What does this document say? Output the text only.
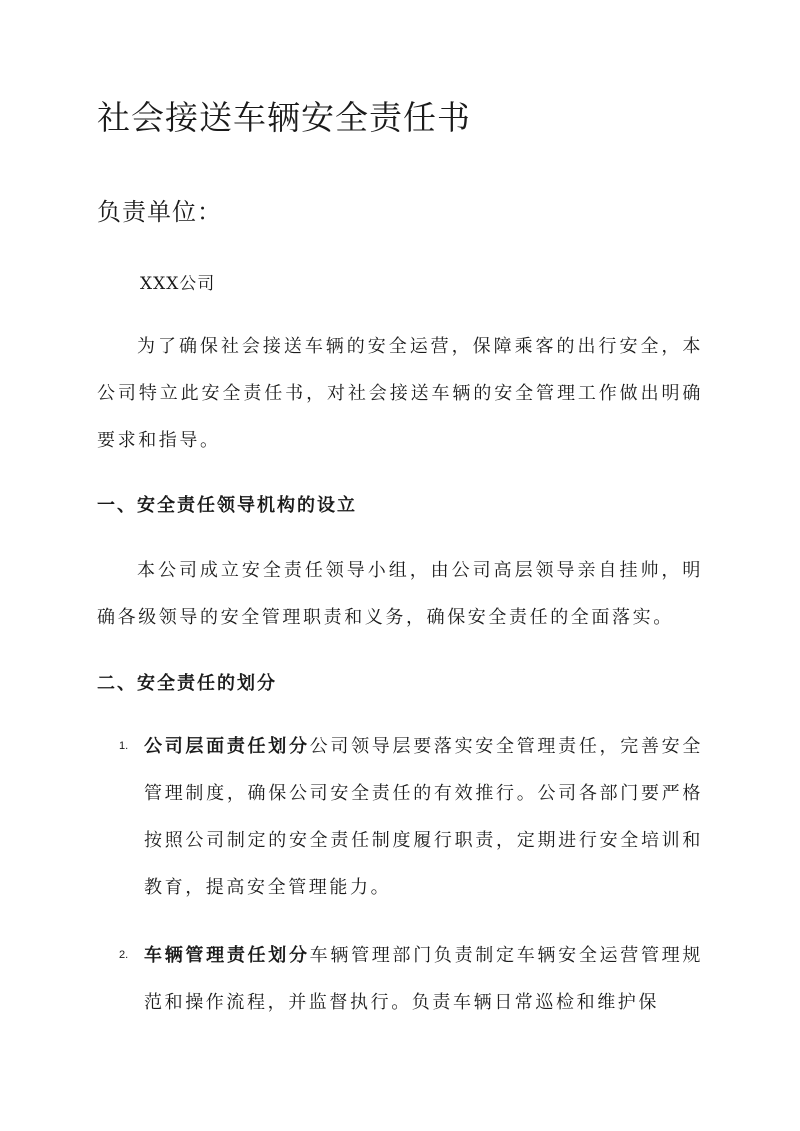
社会接送车辆安全责任书
负责单位：

XXX公司

为了确保社会接送车辆的安全运营，保障乘客的出行安全，本公司特立此安全责任书，对社会接送车辆的安全管理工作做出明确要求和指导。

一、安全责任领导机构的设立

本公司成立安全责任领导小组，由公司高层领导亲自挂帅，明确各级领导的安全管理职责和义务，确保安全责任的全面落实。

二、安全责任的划分
1. 公司层面责任划分公司领导层要落实安全管理责任，完善安全管理制度，确保公司安全责任的有效推行。公司各部门要严格按照公司制定的安全责任制度履行职责，定期进行安全培训和教育，提高安全管理能力。
2. 车辆管理责任划分车辆管理部门负责制定车辆安全运营管理规范和操作流程，并监督执行。负责车辆日常巡检和维护保
